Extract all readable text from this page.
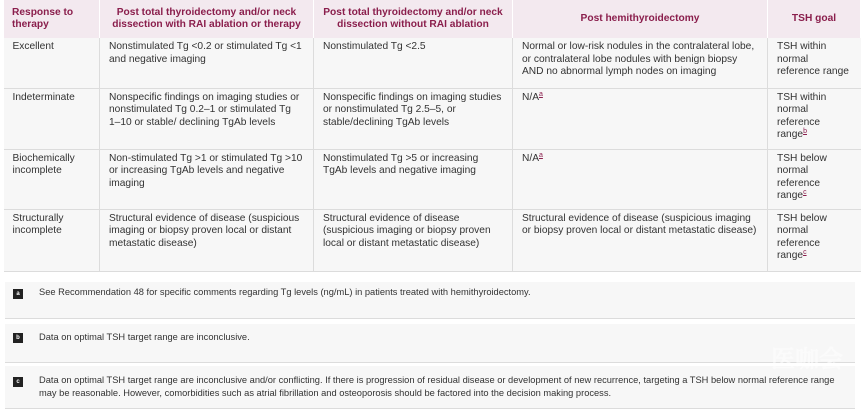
Response to therapy	Post total thyroidectomy and/or neck dissection with RAI ablation or therapy	Post total thyroidectomy and/or neck dissection without RAI ablation	Post hemithyroidectomy	TSH goal
Excellent	Nonstimulated Tg <0.2 or stimulated Tg <1 and negative imaging	Nonstimulated Tg <2.5	Normal or low-risk nodules in the contralateral lobe, or contralateral lobe nodules with benign biopsy AND no abnormal lymph nodes on imaging	TSH within normal reference range
Indeterminate	Nonspecific findings on imaging studies or nonstimulated Tg 0.2–1 or stimulated Tg 1–10 or stable/ declining TgAb levels	Nonspecific findings on imaging studies or nonstimulated Tg 2.5–5, or stable/declining TgAb levels	N/A$^a$	TSH within normal reference range$^b$
Biochemically incomplete	Non-stimulated Tg >1 or stimulated Tg >10 or increasing TgAb levels and negative imaging	Nonstimulated Tg >5 or increasing TgAb levels and negative imaging	N/A$^a$	TSH below normal reference range$^c$
Structurally incomplete	Structural evidence of disease (suspicious imaging or biopsy proven local or distant metastatic disease)	Structural evidence of disease (suspicious imaging or biopsy proven local or distant metastatic disease)	Structural evidence of disease (suspicious imaging or biopsy proven local or distant metastatic disease)	TSH below normal reference range$^c$
a	See Recommendation 48 for specific comments regarding Tg levels (ng/mL) in patients treated with hemithyroidectomy.
b	Data on optimal TSH target range are inconclusive.
c	Data on optimal TSH target range are inconclusive and/or conflicting. If there is progression of residual disease or development of new recurrence, targeting a TSH below normal reference range may be reasonable. However, comorbidities such as atrial fibrillation and osteoporosis should be factored into the decision making process.
医咖会
